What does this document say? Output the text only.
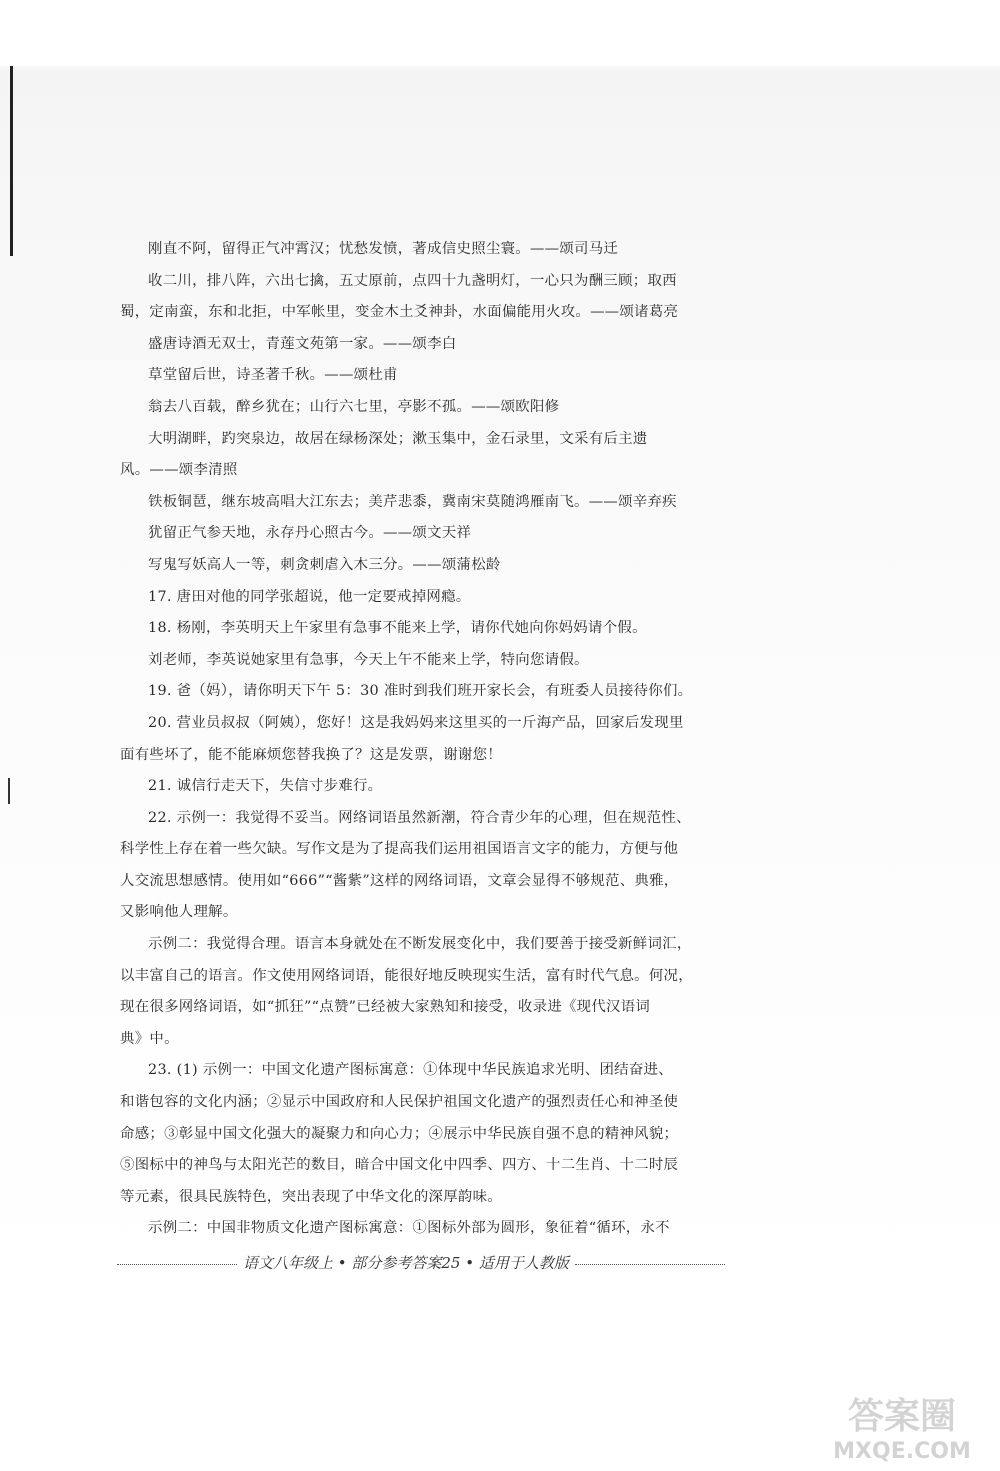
刚直不阿，留得正气冲霄汉；忧愁发愤，著成信史照尘寰。——颂司马迁
收二川，排八阵，六出七擒，五丈原前，点四十九盏明灯，一心只为酬三顾；取西
蜀，定南蛮，东和北拒，中军帐里，变金木土爻神卦，水面偏能用火攻。——颂诸葛亮
盛唐诗酒无双士，青莲文苑第一家。——颂李白
草堂留后世，诗圣著千秋。——颂杜甫
翁去八百载，醉乡犹在；山行六七里，亭影不孤。——颂欧阳修
大明湖畔，趵突泉边，故居在绿杨深处；漱玉集中，金石录里，文采有后主遗
风。——颂李清照
铁板铜琶，继东坡高唱大江东去；美芹悲黍，冀南宋莫随鸿雁南飞。——颂辛弃疾
犹留正气参天地，永存丹心照古今。——颂文天祥
写鬼写妖高人一等，刺贪刺虐入木三分。——颂蒲松龄
17. 唐田对他的同学张超说，他一定要戒掉网瘾。
18. 杨刚，李英明天上午家里有急事不能来上学，请你代她向你妈妈请个假。
刘老师，李英说她家里有急事，今天上午不能来上学，特向您请假。
19. 爸（妈），请你明天下午 5：30 准时到我们班开家长会，有班委人员接待你们。
20. 营业员叔叔（阿姨），您好！这是我妈妈来这里买的一斤海产品，回家后发现里
面有些坏了，能不能麻烦您替我换了？这是发票，谢谢您！
21. 诚信行走天下，失信寸步难行。
22. 示例一：我觉得不妥当。网络词语虽然新潮，符合青少年的心理，但在规范性、
科学性上存在着一些欠缺。写作文是为了提高我们运用祖国语言文字的能力，方便与他
人交流思想感情。使用如“666”“酱紫”这样的网络词语，文章会显得不够规范、典雅，
又影响他人理解。
示例二：我觉得合理。语言本身就处在不断发展变化中，我们要善于接受新鲜词汇，
以丰富自己的语言。作文使用网络词语，能很好地反映现实生活，富有时代气息。何况，
现在很多网络词语，如“抓狂”“点赞”已经被大家熟知和接受，收录进《现代汉语词
典》中。
23. (1) 示例一：中国文化遗产图标寓意：①体现中华民族追求光明、团结奋进、
和谐包容的文化内涵；②显示中国政府和人民保护祖国文化遗产的强烈责任心和神圣使
命感；③彰显中国文化强大的凝聚力和向心力；④展示中华民族自强不息的精神风貌；
⑤图标中的神鸟与太阳光芒的数目，暗合中国文化中四季、四方、十二生肖、十二时辰
等元素，很具民族特色，突出表现了中华文化的深厚韵味。
示例二：中国非物质文化遗产图标寓意：①图标外部为圆形，象征着“循环，永不
语文八年级上 • 部分参考答案25 • 适用于人教版
答案圈
MXQE.COM
